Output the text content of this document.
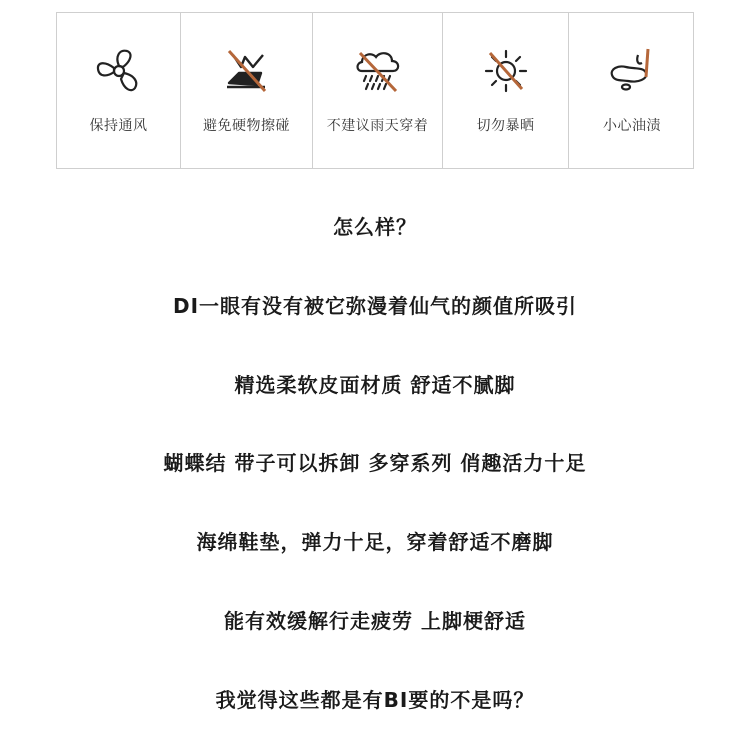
保持通风	避免硬物擦碰	不建议雨天穿着	切勿暴晒	小心油渍
怎么样？
DI一眼有没有被它弥漫着仙气的颜值所吸引
精选柔软皮面材质 舒适不腻脚
蝴蝶结 带子可以拆卸 多穿系列 俏趣活力十足
海绵鞋垫，弹力十足，穿着舒适不磨脚
能有效缓解行走疲劳 上脚梗舒适
我觉得这些都是有BI要的不是吗？
